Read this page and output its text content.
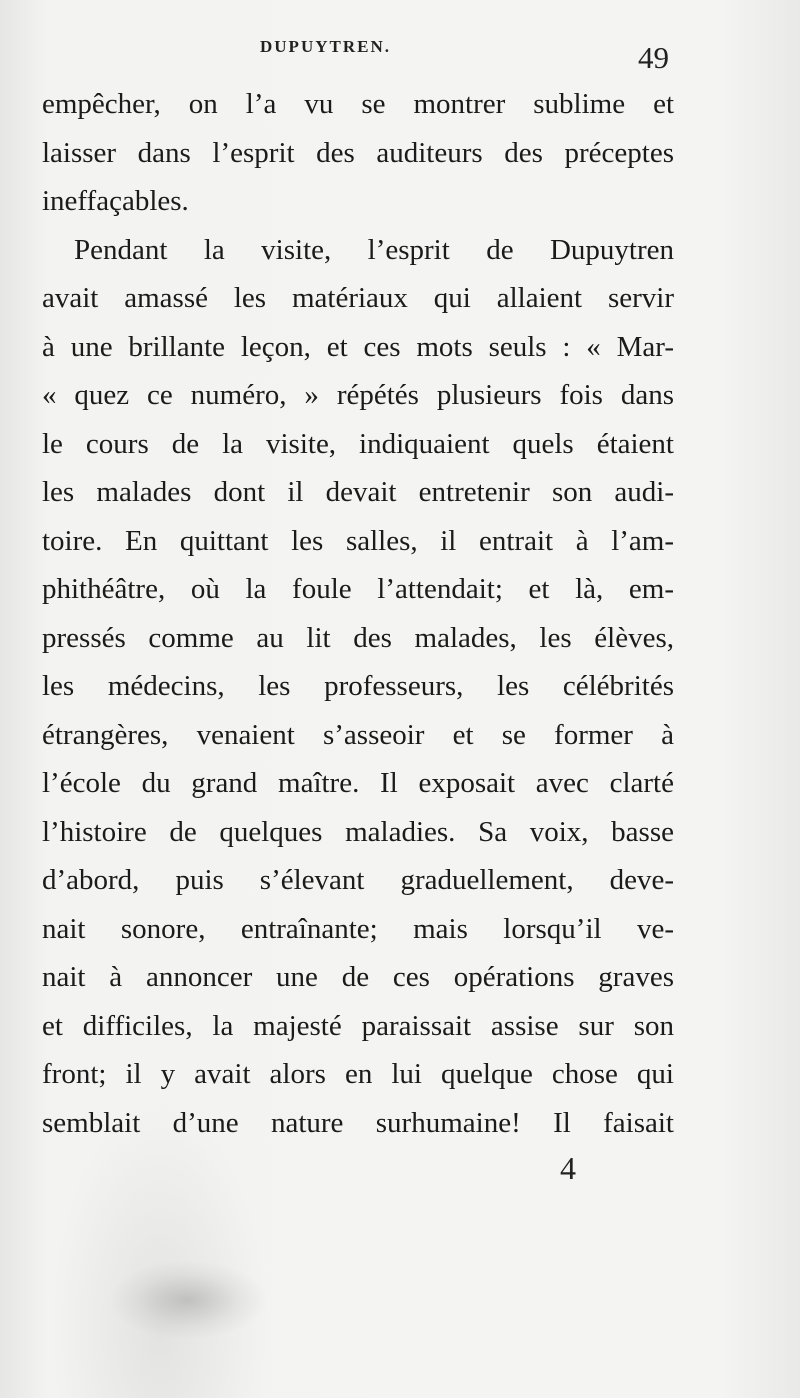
DUPUYTREN.	49
empêcher, on l’a vu se montrer sublime et
laisser dans l’esprit des auditeurs des préceptes
ineffaçables.
Pendant la visite, l’esprit de Dupuytren
avait amassé les matériaux qui allaient servir
à une brillante leçon, et ces mots seuls : « Mar-
« quez ce numéro, » répétés plusieurs fois dans
le cours de la visite, indiquaient quels étaient
les malades dont il devait entretenir son audi-
toire. En quittant les salles, il entrait à l’am-
phithéâtre, où la foule l’attendait; et là, em-
pressés comme au lit des malades, les élèves,
les médecins, les professeurs, les célébrités
étrangères, venaient s’asseoir et se former à
l’école du grand maître. Il exposait avec clarté
l’histoire de quelques maladies. Sa voix, basse
d’abord, puis s’élevant graduellement, deve-
nait sonore, entraînante; mais lorsqu’il ve-
nait à annoncer une de ces opérations graves
et difficiles, la majesté paraissait assise sur son
front; il y avait alors en lui quelque chose qui
semblait d’une nature surhumaine! Il faisait
4
